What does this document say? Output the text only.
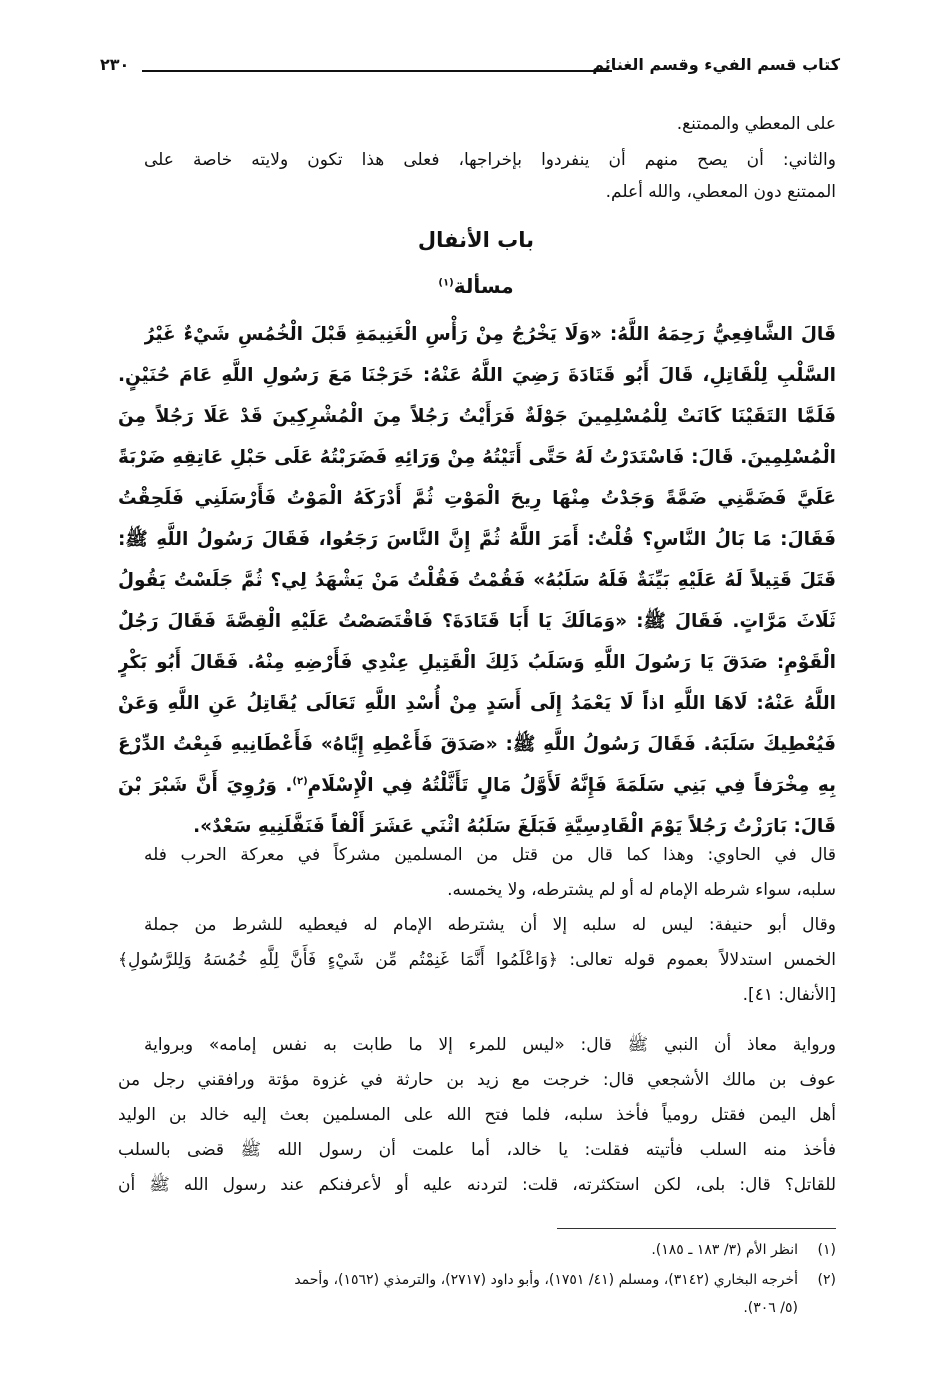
كتاب قسم الفيء وقسم الغنائم
٢٣٠
على المعطي والممتنع.
والثاني: أن يصح منهم أن ينفردوا بإخراجها، فعلى هذا تكون ولايته خاصة على
الممتنع دون المعطي، والله أعلم.
باب الأنفال
مسألة$^{(١)}$
قَالَ الشَّافِعِيُّ رَحِمَهُ اللَّهُ: «وَلَا يَخْرُجُ مِنْ رَأْسِ الْغَنِيمَةِ قَبْلَ الْخُمُسِ شَيْءٌ غَيْرُ
السَّلْبِ لِلْقَاتِلِ، قَالَ أَبُو قَتَادَةَ رَضِيَ اللَّهُ عَنْهُ: خَرَجْنَا مَعَ رَسُولِ اللَّهِ عَامَ حُنَيْنٍ.
فَلَمَّا التَقَيْنَا كَانَتْ لِلْمُسْلِمِينَ جَوْلَةٌ فَرَأَيْتُ رَجُلاً مِنَ الْمُشْرِكِينَ قَدْ عَلَا رَجُلاً مِنَ
الْمُسْلِمِينَ. قَالَ: فَاسْتَدَرْتُ لَهُ حَتَّى أَتَيْتُهُ مِنْ وَرَائِهِ فَضَرَبْتُهُ عَلَى حَبْلِ عَاتِقِهِ ضَرْبَةً
عَلَيَّ فَضَمَّنِي ضَمَّةً وَجَدْتُ مِنْهَا رِيحَ الْمَوْتِ ثُمَّ أَدْرَكَهُ الْمَوْتُ فَأَرْسَلَنِي فَلَحِقْتُ
فَقَالَ: مَا بَالُ النَّاسِ؟ قُلْتُ: أَمَرَ اللَّهُ ثُمَّ إِنَّ النَّاسَ رَجَعُوا، فَقَالَ رَسُولُ اللَّهِ ﷺ:
قَتَلَ قَتِيلاً لَهُ عَلَيْهِ بَيِّنَةٌ فَلَهُ سَلَبُهُ» فَقُمْتُ فَقُلْتُ مَنْ يَشْهَدُ لِي؟ ثُمَّ جَلَسْتُ يَقُولُ
ثَلَاثَ مَرَّاتٍ. فَقَالَ ﷺ: «وَمَالَكَ يَا أَبَا قَتَادَةَ؟ فَاقْتَصَصْتُ عَلَيْهِ الْقِصَّةَ فَقَالَ رَجُلٌ
الْقَوْمِ: صَدَقَ يَا رَسُولَ اللَّهِ وَسَلَبُ ذَلِكَ الْقَتِيلِ عِنْدِي فَأَرْضِهِ مِنْهُ. فَقَالَ أَبُو بَكْرٍ
اللَّهُ عَنْهُ: لَاهَا اللَّهِ اذاً لَا يَعْمَدُ إِلَى أَسَدٍ مِنْ أُسْدِ اللَّهِ تَعَالَى يُقَاتِلُ عَنِ اللَّهِ وَعَنْ
فَيُعْطِيكَ سَلَبَهُ. فَقَالَ رَسُولُ اللَّهِ ﷺ: «صَدَقَ فَأَعْطِهِ إِيَّاهُ» فَأَعْطَانِيهِ فَبِعْتُ الدِّرْعَ
بِهِ مِخْرَفاً فِي بَنِي سَلَمَةَ فَإِنَّهُ لَأَوَّلُ مَالٍ تَأَثَّلْتُهُ فِي الْإِسْلَامِ$^{(٢)}$. وَرُوِيَ أَنَّ شَبْرَ بْنَ
قَالَ: بَارَزْتُ رَجُلاً يَوْمَ الْقَادِسِيَّةِ فَبَلَغَ سَلَبُهُ اثْنَي عَشَرَ أَلْفاً فَنَفَّلَنِيهِ سَعْدٌ».
قال في الحاوي: وهذا كما قال من قتل من المسلمين مشركاً في معركة الحرب فله
سلبه، سواء شرطه الإمام له أو لم يشترطه، ولا يخمسه.
وقال أبو حنيفة: ليس له سلبه إلا أن يشترطه الإمام له فيعطيه للشرط من جملة
الخمس استدلالاً بعموم قوله تعالى: ﴿وَاعْلَمُوا أَنَّمَا غَنِمْتُم مِّن شَيْءٍ فَأَنَّ لِلَّهِ خُمُسَهُ وَلِلرَّسُولِ﴾
[الأنفال: ٤١].
ورواية معاذ أن النبي ﷺ قال: «ليس للمرء إلا ما طابت به نفس إمامه» وبرواية
عوف بن مالك الأشجعي قال: خرجت مع زيد بن حارثة في غزوة مؤتة ورافقني رجل من
أهل اليمن فقتل رومياً فأخذ سلبه، فلما فتح الله على المسلمين بعث إليه خالد بن الوليد
فأخذ منه السلب فأتيته فقلت: يا خالد، أما علمت أن رسول الله ﷺ قضى بالسلب
للقاتل؟ قال: بلى، لكن استكثرته، قلت: لتردنه عليه أو لأعرفنكم عند رسول الله ﷺ أن
(١)
انظر الأم (٣/ ١٨٣ ـ ١٨٥).
(٢)
أخرجه البخاري (٣١٤٢)، ومسلم (٤١/ ١٧٥١)، وأبو داود (٢٧١٧)، والترمذي (١٥٦٢)، وأحمد
(٥/ ٣٠٦).
